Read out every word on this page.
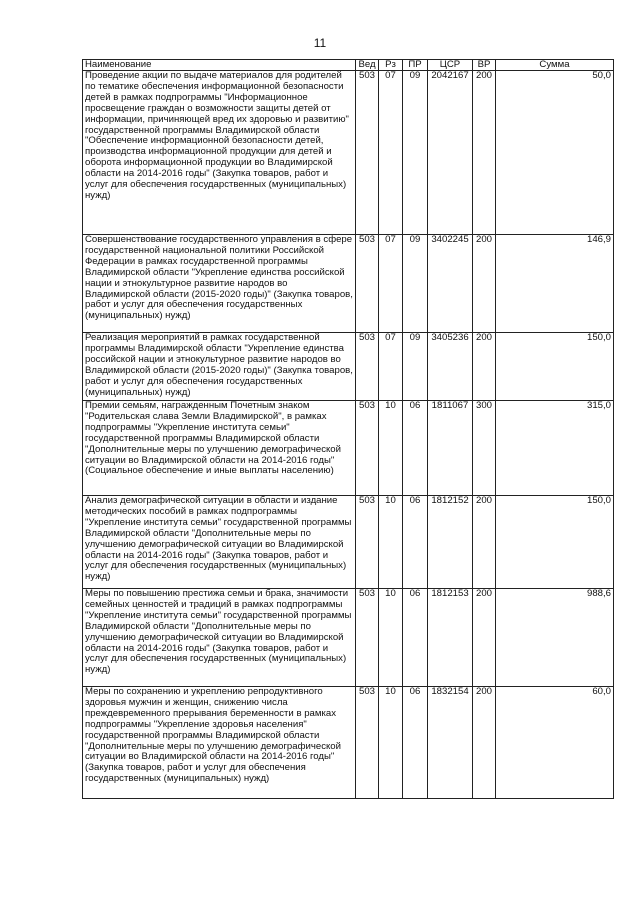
11
Наименование	Вед	Рз	ПР	ЦСР	ВР	Сумма
Проведение акции по выдаче материалов для родителей по тематике обеспечения информационной безопасности детей в рамках подпрограммы "Информационное просвещение граждан о возможности защиты детей от информации, причиняющей вред их здоровью и развитию" государственной программы Владимирской области "Обеспечение информационной безопасности детей, производства информационной продукции для детей и оборота информационной продукции во Владимирской области на 2014-2016 годы" (Закупка товаров, работ и услуг для обеспечения государственных (муниципальных) нужд)	503	07	09	2042167	200	50,0
Совершенствование государственного управления в сфере государственной национальной политики Российской Федерации в рамках государственной программы Владимирской области "Укрепление единства российской нации и этнокультурное развитие народов во Владимирской области (2015-2020 годы)" (Закупка товаров, работ и услуг для обеспечения государственных (муниципальных) нужд)	503	07	09	3402245	200	146,9
Реализация мероприятий в рамках государственной программы Владимирской области "Укрепление единства российской нации и этнокультурное развитие народов во Владимирской области (2015-2020 годы)" (Закупка товаров, работ и услуг для обеспечения государственных (муниципальных) нужд)	503	07	09	3405236	200	150,0
Премии семьям, награжденным Почетным знаком "Родительская слава Земли Владимирской", в рамках подпрограммы "Укрепление института семьи" государственной программы Владимирской области "Дополнительные меры по улучшению демографической ситуации во Владимирской области на 2014-2016 годы" (Социальное обеспечение и иные выплаты населению)	503	10	06	1811067	300	315,0
Анализ демографической ситуации в области и издание методических пособий в рамках подпрограммы "Укрепление института семьи" государственной программы Владимирской области "Дополнительные меры по улучшению демографической ситуации во Владимирской области на 2014-2016 годы" (Закупка товаров, работ и услуг для обеспечения государственных (муниципальных) нужд)	503	10	06	1812152	200	150,0
Меры по повышению престижа семьи и брака, значимости семейных ценностей и традиций в рамках подпрограммы "Укрепление института семьи" государственной программы Владимирской области "Дополнительные меры по улучшению демографической ситуации во Владимирской области на 2014-2016 годы" (Закупка товаров, работ и услуг для обеспечения государственных (муниципальных) нужд)	503	10	06	1812153	200	988,6
Меры по сохранению и укреплению репродуктивного здоровья мужчин и женщин, снижению числа преждевременного прерывания беременности в рамках подпрограммы "Укрепление здоровья населения" государственной программы Владимирской области "Дополнительные меры по улучшению демографической ситуации во Владимирской области на 2014-2016 годы" (Закупка товаров, работ и услуг для обеспечения государственных (муниципальных) нужд)	503	10	06	1832154	200	60,0
